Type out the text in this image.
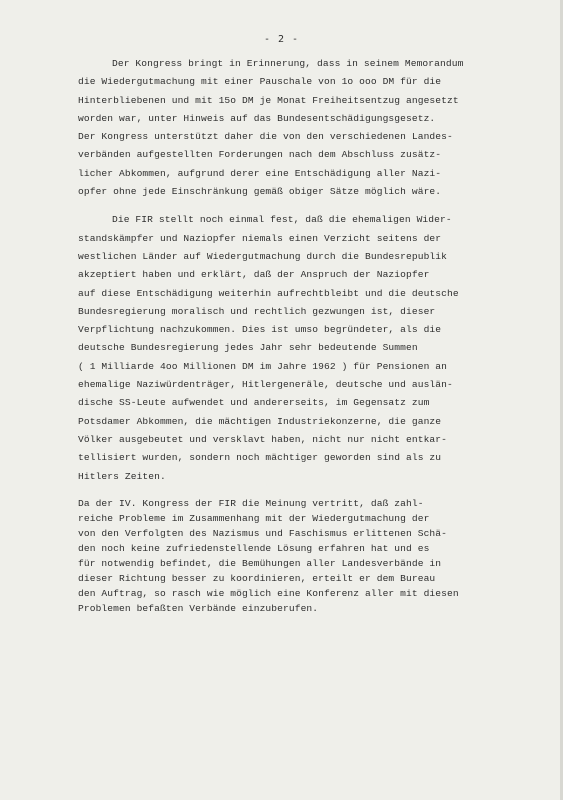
- 2 -
Der Kongress bringt in Erinnerung, dass in seinem Memorandum
die Wiedergutmachung mit einer Pauschale von 1o ooo DM für die
Hinterbliebenen und mit 15o DM je Monat Freiheitsentzug angesetzt
worden war, unter Hinweis auf das Bundesentschädigungsgesetz.
Der Kongress unterstützt daher die von den verschiedenen Landes-
verbänden aufgestellten Forderungen nach dem Abschluss zusätz-
licher Abkommen, aufgrund derer eine Entschädigung aller Nazi-
opfer ohne jede Einschränkung gemäß obiger Sätze möglich wäre.
Die FIR stellt noch einmal fest, daß die ehemaligen Wider-
standskämpfer und Naziopfer niemals einen Verzicht seitens der
westlichen Länder auf Wiedergutmachung durch die Bundesrepublik
akzeptiert haben und erklärt, daß der Anspruch der Naziopfer
auf diese Entschädigung weiterhin aufrechtbleibt und die deutsche
Bundesregierung moralisch und rechtlich gezwungen ist, dieser
Verpflichtung nachzukommen. Dies ist umso begründeter, als die
deutsche Bundesregierung jedes Jahr sehr bedeutende Summen
( 1 Milliarde 4oo Millionen DM im Jahre 1962 ) für Pensionen an
ehemalige Naziwürdenträger, Hitlergeneräle, deutsche und auslän-
dische SS-Leute aufwendet und andererseits, im Gegensatz zum
Potsdamer Abkommen, die mächtigen Industriekonzerne, die ganze
Völker ausgebeutet und versklavt haben, nicht nur nicht entkar-
tellisiert wurden, sondern noch mächtiger geworden sind als zu
Hitlers Zeiten.
Da der IV. Kongress der FIR die Meinung vertritt, daß zahl-
reiche Probleme im Zusammenhang mit der Wiedergutmachung der
von den Verfolgten des Nazismus und Faschismus erlittenen Schä-
den noch keine zufriedenstellende Lösung erfahren hat und es
für notwendig befindet, die Bemühungen aller Landesverbände in
dieser Richtung besser zu koordinieren, erteilt er dem Bureau
den Auftrag, so rasch wie möglich eine Konferenz aller mit diesen
Problemen befaßten Verbände einzuberufen.
